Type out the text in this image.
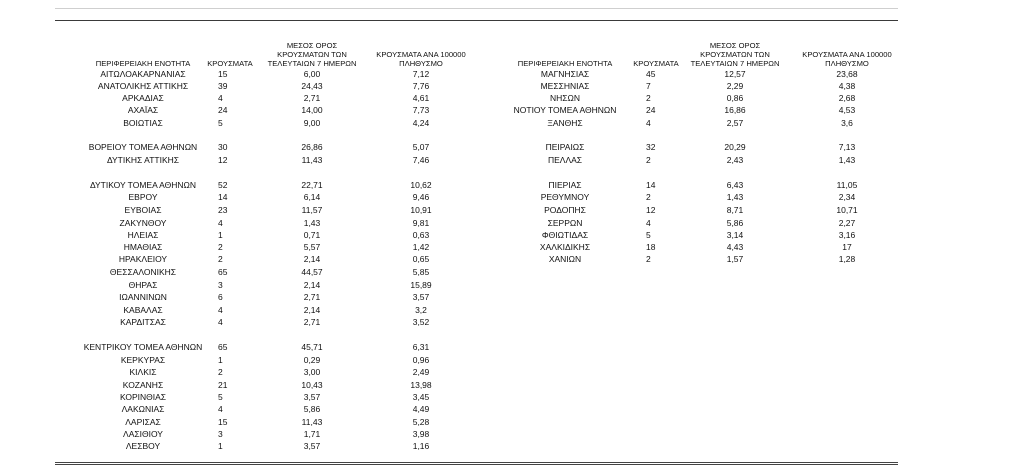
ΠΕΡΙΦΕΡΕΙΑΚΗ ΕΝΟΤΗΤΑ	ΚΡΟΥΣΜΑΤΑ
ΜΕΣΟΣ ΟΡΟΣ
ΚΡΟΥΣΜΑΤΩΝ ΤΩΝ
ΤΕΛΕΥΤΑΙΩΝ 7 ΗΜΕΡΩΝ
ΚΡΟΥΣΜΑΤΑ ΑΝΑ 100000
ΠΛΗΘΥΣΜΟ	ΠΕΡΙΦΕΡΕΙΑΚΗ ΕΝΟΤΗΤΑ	ΚΡΟΥΣΜΑΤΑ
ΜΕΣΟΣ ΟΡΟΣ
ΚΡΟΥΣΜΑΤΩΝ ΤΩΝ
ΤΕΛΕΥΤΑΙΩΝ 7 ΗΜΕΡΩΝ
ΚΡΟΥΣΜΑΤΑ ΑΝΑ 100000
ΠΛΗΘΥΣΜΟ
ΑΙΤΩΛΟΑΚΑΡΝΑΝΙΑΣ	15	6,00	7,12
ΑΝΑΤΟΛΙΚΗΣ ΑΤΤΙΚΗΣ	39	24,43	7,76
ΑΡΚΑΔΙΑΣ	4	2,71	4,61
ΑΧΑΪΑΣ	24	14,00	7,73
ΒΟΙΩΤΙΑΣ	5	9,00	4,24
ΒΟΡΕΙΟΥ ΤΟΜΕΑ ΑΘΗΝΩΝ	30	26,86	5,07
ΔΥΤΙΚΗΣ ΑΤΤΙΚΗΣ	12	11,43	7,46
ΔΥΤΙΚΟΥ ΤΟΜΕΑ ΑΘΗΝΩΝ	52	22,71	10,62
ΕΒΡΟΥ	14	6,14	9,46
ΕΥΒΟΙΑΣ	23	11,57	10,91
ΖΑΚΥΝΘΟΥ	4	1,43	9,81
ΗΛΕΙΑΣ	1	0,71	0,63
ΗΜΑΘΙΑΣ	2	5,57	1,42
ΗΡΑΚΛΕΙΟΥ	2	2,14	0,65
ΘΕΣΣΑΛΟΝΙΚΗΣ	65	44,57	5,85
ΘΗΡΑΣ	3	2,14	15,89
ΙΩΑΝΝΙΝΩΝ	6	2,71	3,57
ΚΑΒΑΛΑΣ	4	2,14	3,2
ΚΑΡΔΙΤΣΑΣ	4	2,71	3,52
ΚΕΝΤΡΙΚΟΥ ΤΟΜΕΑ ΑΘΗΝΩΝ	65	45,71	6,31
ΚΕΡΚΥΡΑΣ	1	0,29	0,96
ΚΙΛΚΙΣ	2	3,00	2,49
ΚΟΖΑΝΗΣ	21	10,43	13,98
ΚΟΡΙΝΘΙΑΣ	5	3,57	3,45
ΛΑΚΩΝΙΑΣ	4	5,86	4,49
ΛΑΡΙΣΑΣ	15	11,43	5,28
ΛΑΣΙΘΙΟΥ	3	1,71	3,98
ΛΕΣΒΟΥ	1	3,57	1,16
ΜΑΓΝΗΣΙΑΣ	45	12,57	23,68
ΜΕΣΣΗΝΙΑΣ	7	2,29	4,38
ΝΗΣΩΝ	2	0,86	2,68
ΝΟΤΙΟΥ ΤΟΜΕΑ ΑΘΗΝΩΝ	24	16,86	4,53
ΞΑΝΘΗΣ	4	2,57	3,6
ΠΕΙΡΑΙΩΣ	32	20,29	7,13
ΠΕΛΛΑΣ	2	2,43	1,43
ΠΙΕΡΙΑΣ	14	6,43	11,05
ΡΕΘΥΜΝΟΥ	2	1,43	2,34
ΡΟΔΟΠΗΣ	12	8,71	10,71
ΣΕΡΡΩΝ	4	5,86	2,27
ΦΘΙΩΤΙΔΑΣ	5	3,14	3,16
ΧΑΛΚΙΔΙΚΗΣ	18	4,43	17
ΧΑΝΙΩΝ	2	1,57	1,28
